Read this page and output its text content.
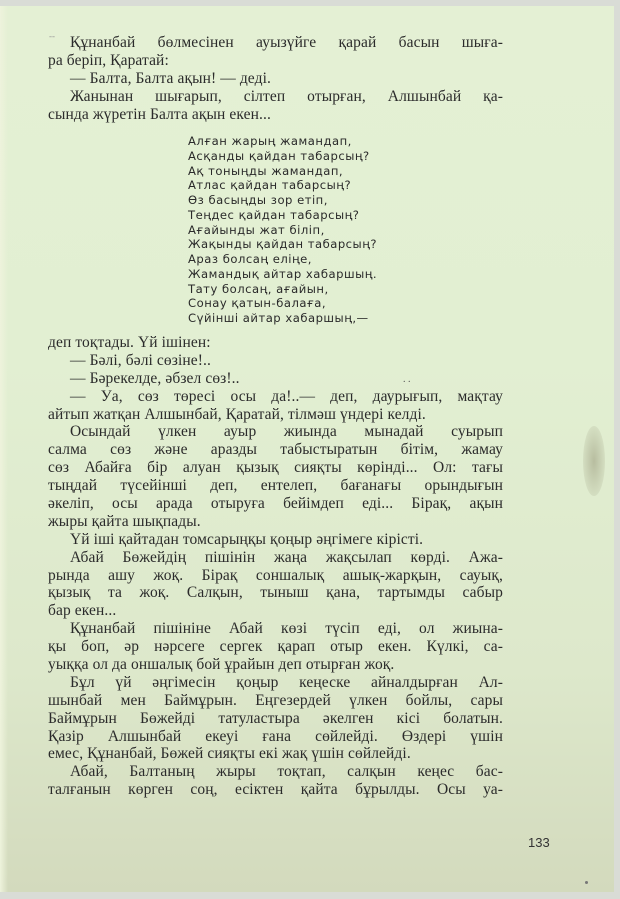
-- Құнанбай бөлмесінен ауызүйге қарай басын шыға-
ра беріп, Қаратай:
— Балта, Балта ақын! — деді.
Жанынан шығарып, сілтеп отырған, Алшынбай қа-
сында жүретін Балта ақын екен...
Алған жарың жамандап,
Асқанды қайдан табарсың?
Ақ тоныңды жамандап,
Атлас қайдан табарсың?
Өз басыңды зор етіп,
Теңдес қайдан табарсың?
Ағайынды жат біліп,
Жақынды қайдан табарсың?
Араз болсаң еліңе,
Жамандық айтар хабаршың.
Тату болсаң, ағайын,
Сонау қатын-балаға,
Сүйінші айтар хабаршың,—
. .
деп тоқтады. Үй ішінен:
— Бәлі, бәлі сөзіне!..
— Бәрекелде, әбзел сөз!..
— Уа, сөз төресі осы да!..— деп, даурығып, мақтау
айтып жатқан Алшынбай, Қаратай, тілмәш үндері келді.
Осындай үлкен ауыр жиында мынадай суырып
салма сөз және аразды табыстыратын бітім, жамау
сөз Абайға бір алуан қызық сияқты көрінді... Ол: тағы
тыңдай түсейінші деп, ентелеп, бағанағы орындығын
әкеліп, осы арада отыруға бейімдеп еді... Бірақ, ақын
жыры қайта шықпады.
Үй іші қайтадан томсарыңқы қоңыр әңгімеге кірісті.
Абай Бөжейдің пішінін жаңа жақсылап көрді. Ажа-
рында ашу жоқ. Бірақ соншалық ашық-жарқын, сауық,
қызық та жоқ. Салқын, тыныш қана, тартымды сабыр
бар екен...
Құнанбай пішініне Абай көзі түсіп еді, ол жиына-
қы боп, әр нәрсеге сергек қарап отыр екен. Күлкі, са-
уыққа ол да оншалық бой ұрайын деп отырған жоқ.
Бұл үй әңгімесін қоңыр кеңеске айналдырған Ал-
шынбай мен Баймұрын. Еңгезердей үлкен бойлы, сары
Баймұрын Бөжейді татуластыра әкелген кісі болатын.
Қазір Алшынбай екеуі ғана сөйлейді. Өздері үшін
емес, Құнанбай, Бөжей сияқты екі жақ үшін сөйлейді.
Абай, Балтаның жыры тоқтап, салқын кеңес бас-
талғанын көрген соң, есіктен қайта бұрылды. Осы уа-
133
